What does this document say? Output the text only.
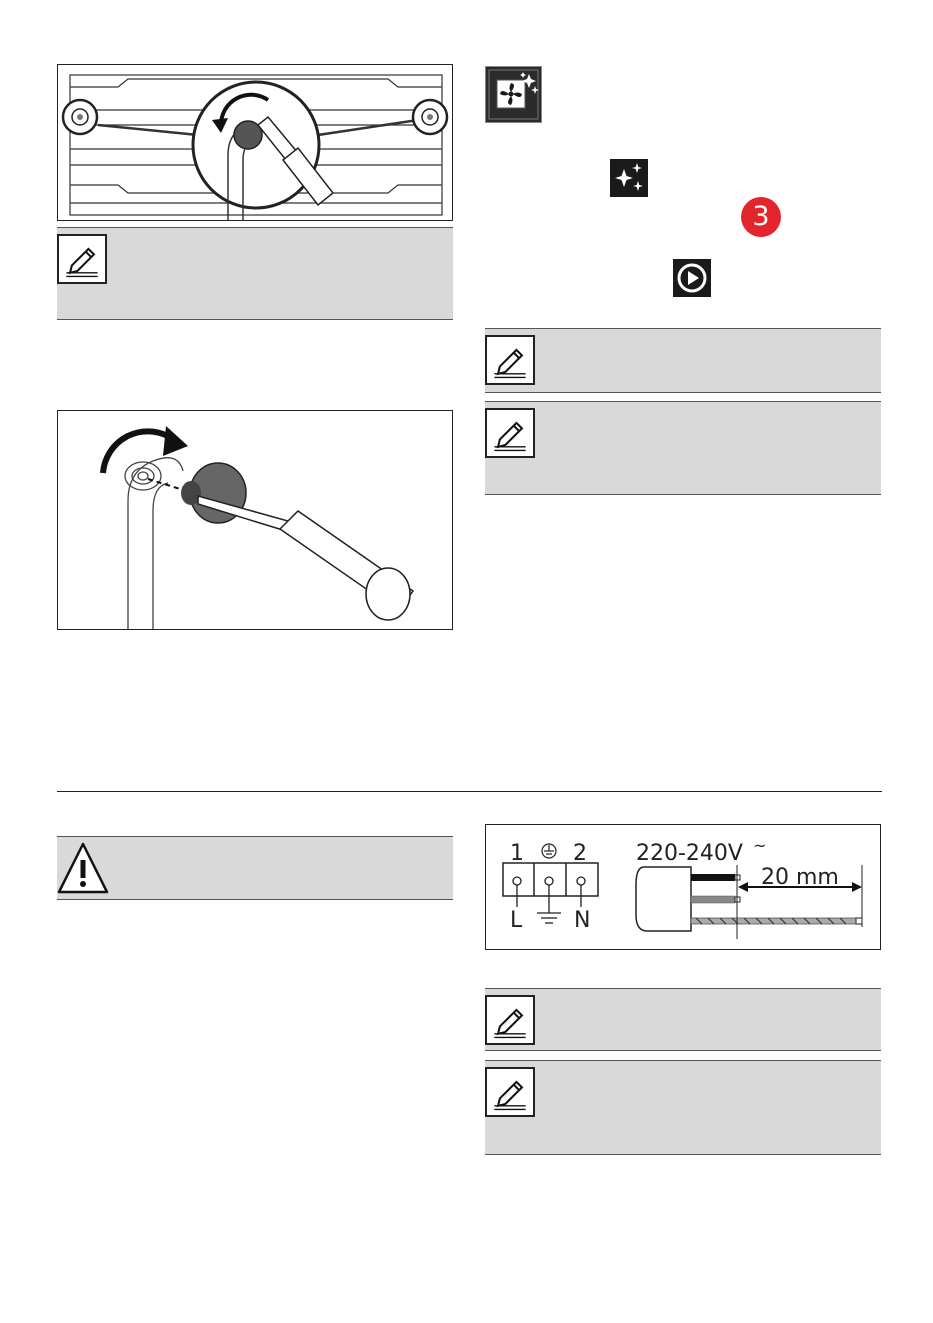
3
1 2
L N
220-240V ~
20 mm
